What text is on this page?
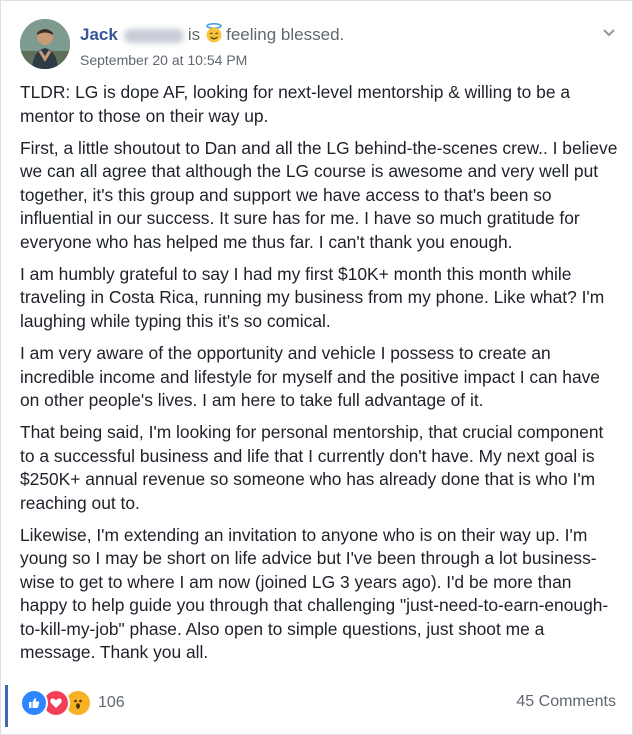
Jack	is feeling blessed.
September 20 at 10:54 PM

TLDR: LG is dope AF, looking for next-level mentorship & willing to be a mentor to those on their way up.

First, a little shoutout to Dan and all the LG behind-the-scenes crew.. I believe we can all agree that although the LG course is awesome and very well put together, it's this group and support we have access to that's been so influential in our success. It sure has for me. I have so much gratitude for everyone who has helped me thus far. I can't thank you enough.

I am humbly grateful to say I had my first $10K+ month this month while traveling in Costa Rica, running my business from my phone. Like what? I'm laughing while typing this it's so comical.

I am very aware of the opportunity and vehicle I possess to create an incredible income and lifestyle for myself and the positive impact I can have on other people's lives. I am here to take full advantage of it.

That being said, I'm looking for personal mentorship, that crucial component to a successful business and life that I currently don't have. My next goal is $250K+ annual revenue so someone who has already done that is who I'm reaching out to.

Likewise, I'm extending an invitation to anyone who is on their way up. I'm young so I may be short on life advice but I've been through a lot business-wise to get to where I am now (joined LG 3 years ago). I'd be more than happy to help guide you through that challenging "just-need-to-earn-enough-to-kill-my-job" phase. Also open to simple questions, just shoot me a message. Thank you all.

106	45 Comments
